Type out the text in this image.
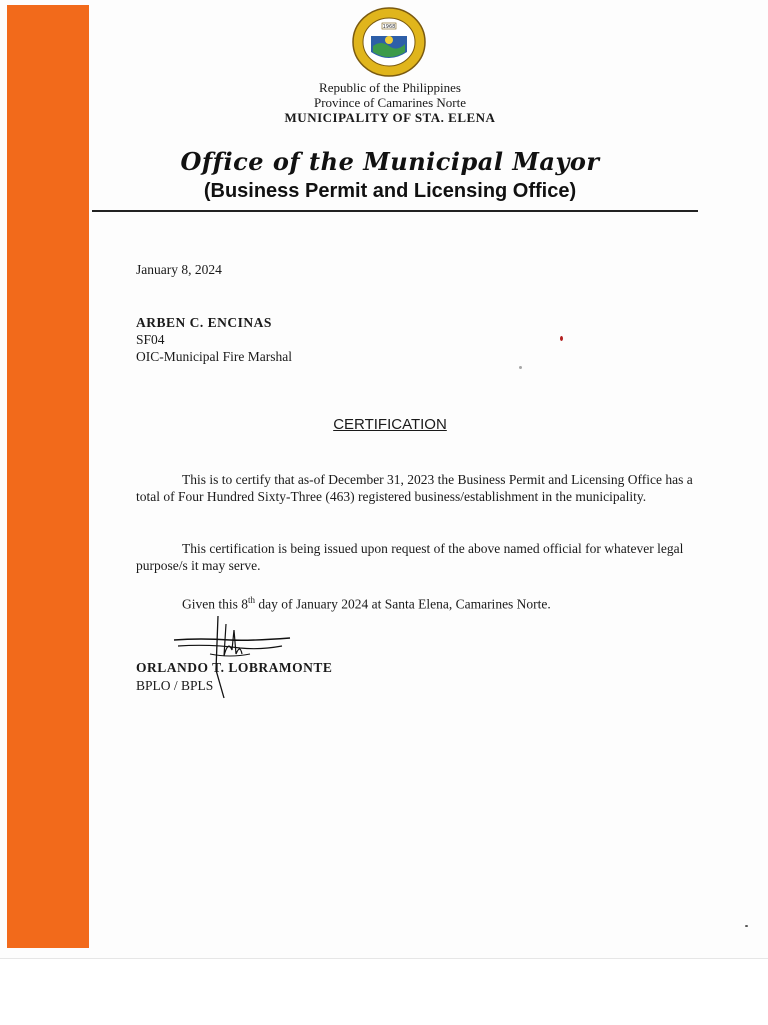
1968

Republic of the Philippines

Province of Camarines Norte

MUNICIPALITY OF STA. ELENA

Office of the Municipal Mayor
(Business Permit and Licensing Office)

January 8, 2024

ARBEN C. ENCINAS
SF04
OIC-Municipal Fire Marshal
CERTIFICATION

This is to certify that as-of December 31, 2023 the Business Permit and Licensing Office has a total of Four Hundred Sixty-Three (463) registered business/establishment in the municipality.

This certification is being issued upon request of the above named official for whatever legal purpose/s it may serve.

Given this 8th day of January 2024 at Santa Elena, Camarines Norte.

ORLANDO T. LOBRAMONTE
BPLO / BPLS
